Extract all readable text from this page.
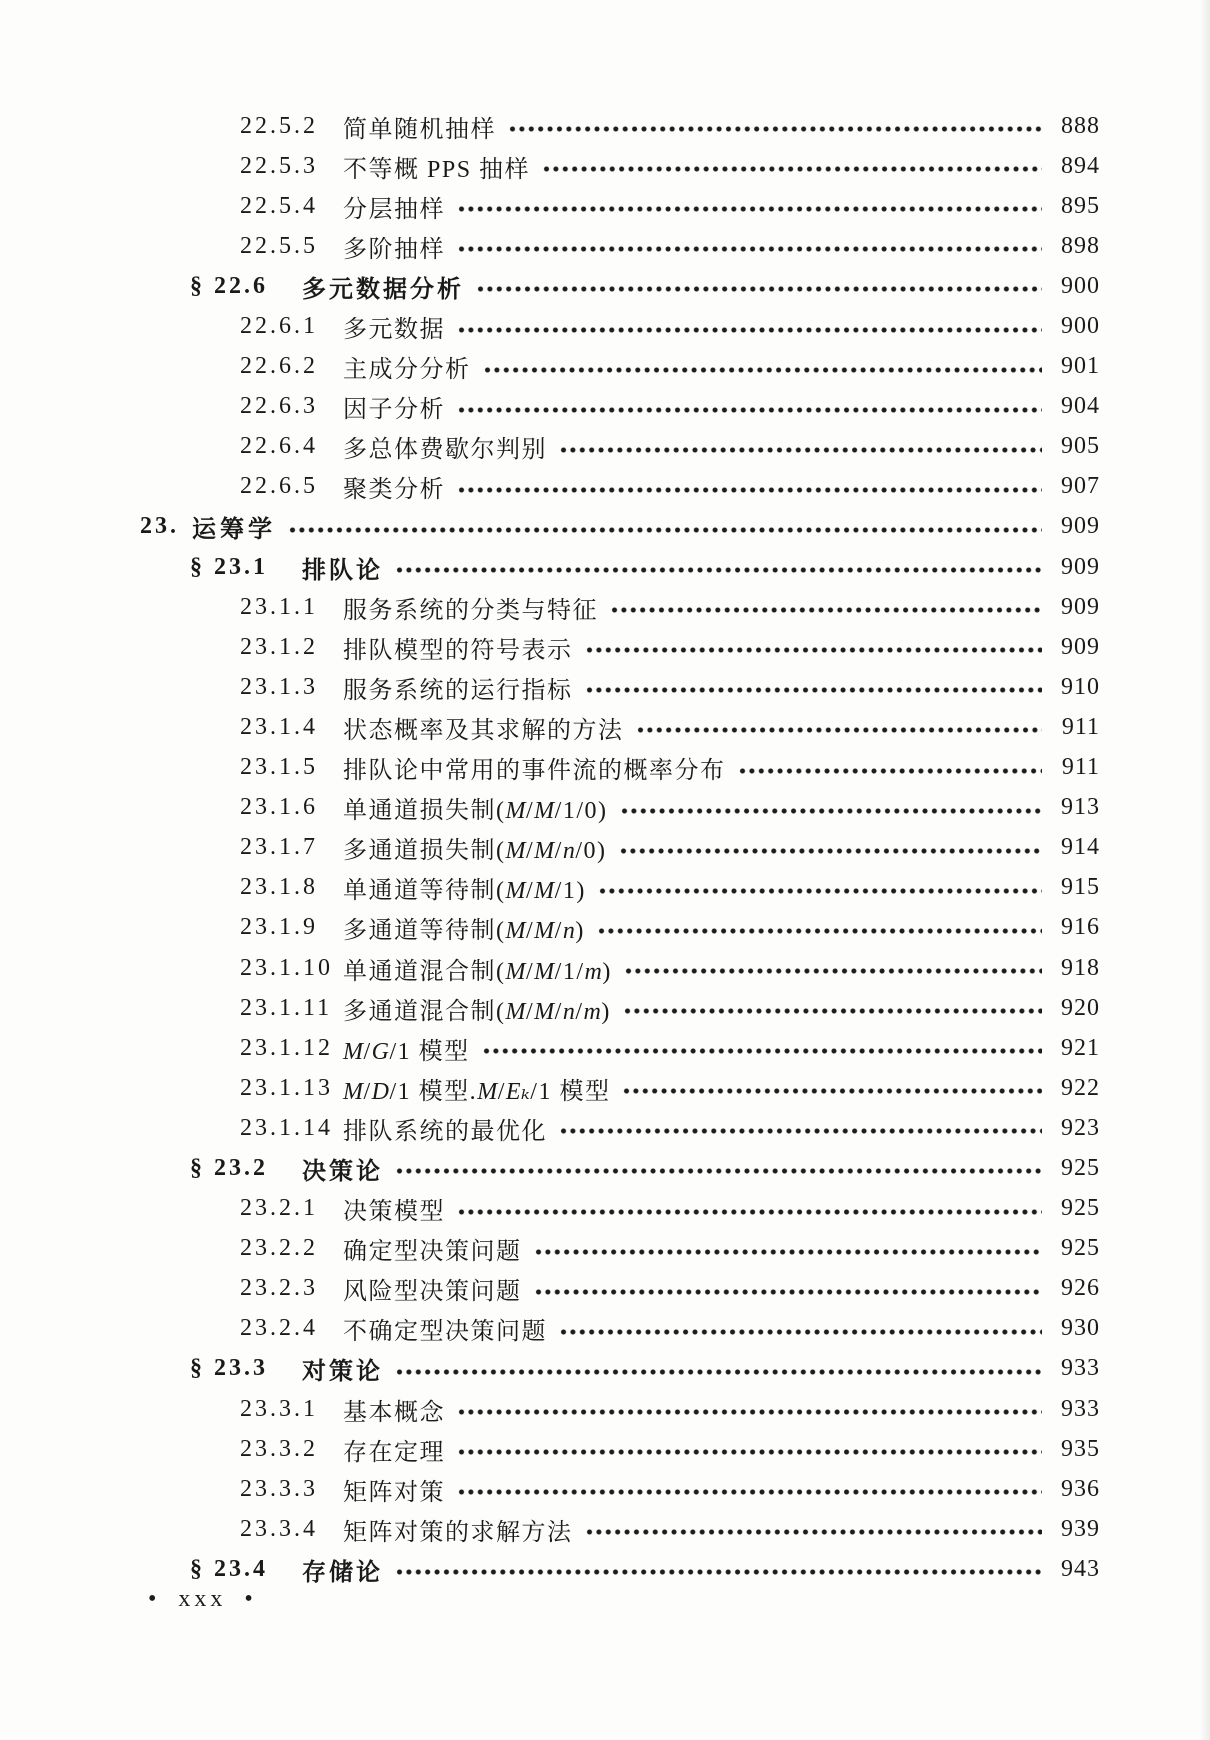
22.5.2	简单随机抽样	888
22.5.3	不等概 PPS 抽样	894
22.5.4	分层抽样	895
22.5.5	多阶抽样	898
§ 22.6	多元数据分析	900
22.6.1	多元数据	900
22.6.2	主成分分析	901
22.6.3	因子分析	904
22.6.4	多总体费歇尔判别	905
22.6.5	聚类分析	907
23. 运筹学	909
§ 23.1	排队论	909
23.1.1	服务系统的分类与特征	909
23.1.2	排队模型的符号表示	909
23.1.3	服务系统的运行指标	910
23.1.4	状态概率及其求解的方法	911
23.1.5	排队论中常用的事件流的概率分布	911
23.1.6	单通道损失制(M/M/1/0)	913
23.1.7	多通道损失制(M/M/n/0)	914
23.1.8	单通道等待制(M/M/1)	915
23.1.9	多通道等待制(M/M/n)	916
23.1.10 单通道混合制(M/M/1/m)	918
23.1.11 多通道混合制(M/M/n/m)	920
23.1.12 M/G/1 模型	921
23.1.13 M/D/1 模型.M/Eₖ/1 模型	922
23.1.14 排队系统的最优化	923
§ 23.2	决策论	925
23.2.1	决策模型	925
23.2.2	确定型决策问题	925
23.2.3	风险型决策问题	926
23.2.4	不确定型决策问题	930
§ 23.3	对策论	933
23.3.1	基本概念	933
23.3.2	存在定理	935
23.3.3	矩阵对策	936
23.3.4	矩阵对策的求解方法	939
§ 23.4	存储论	943
• xxx •
